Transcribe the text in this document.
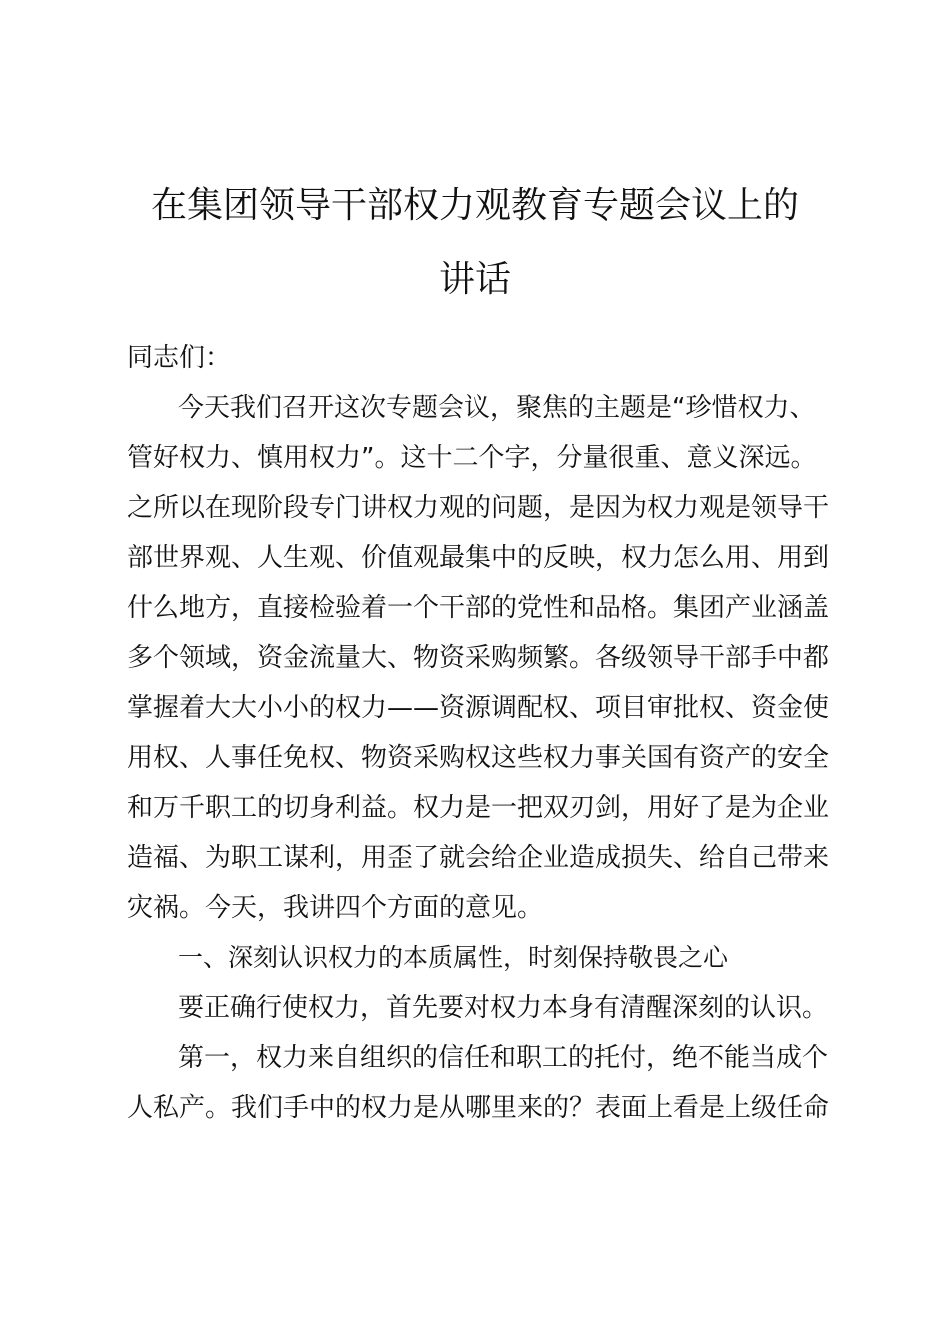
在集团领导干部权力观教育专题会议上的
讲话

同志们：

今天我们召开这次专题会议，聚焦的主题是“珍惜权力、

管好权力、慎用权力”。这十二个字，分量很重、意义深远。

之所以在现阶段专门讲权力观的问题，是因为权力观是领导干

部世界观、人生观、价值观最集中的反映，权力怎么用、用到

什么地方，直接检验着一个干部的党性和品格。集团产业涵盖

多个领域，资金流量大、物资采购频繁。各级领导干部手中都

掌握着大大小小的权力——资源调配权、项目审批权、资金使

用权、人事任免权、物资采购权这些权力事关国有资产的安全

和万千职工的切身利益。权力是一把双刃剑，用好了是为企业

造福、为职工谋利，用歪了就会给企业造成损失、给自己带来

灾祸。今天，我讲四个方面的意见。

一、深刻认识权力的本质属性，时刻保持敬畏之心

要正确行使权力，首先要对权力本身有清醒深刻的认识。

第一，权力来自组织的信任和职工的托付，绝不能当成个

人私产。我们手中的权力是从哪里来的？表面上看是上级任命
